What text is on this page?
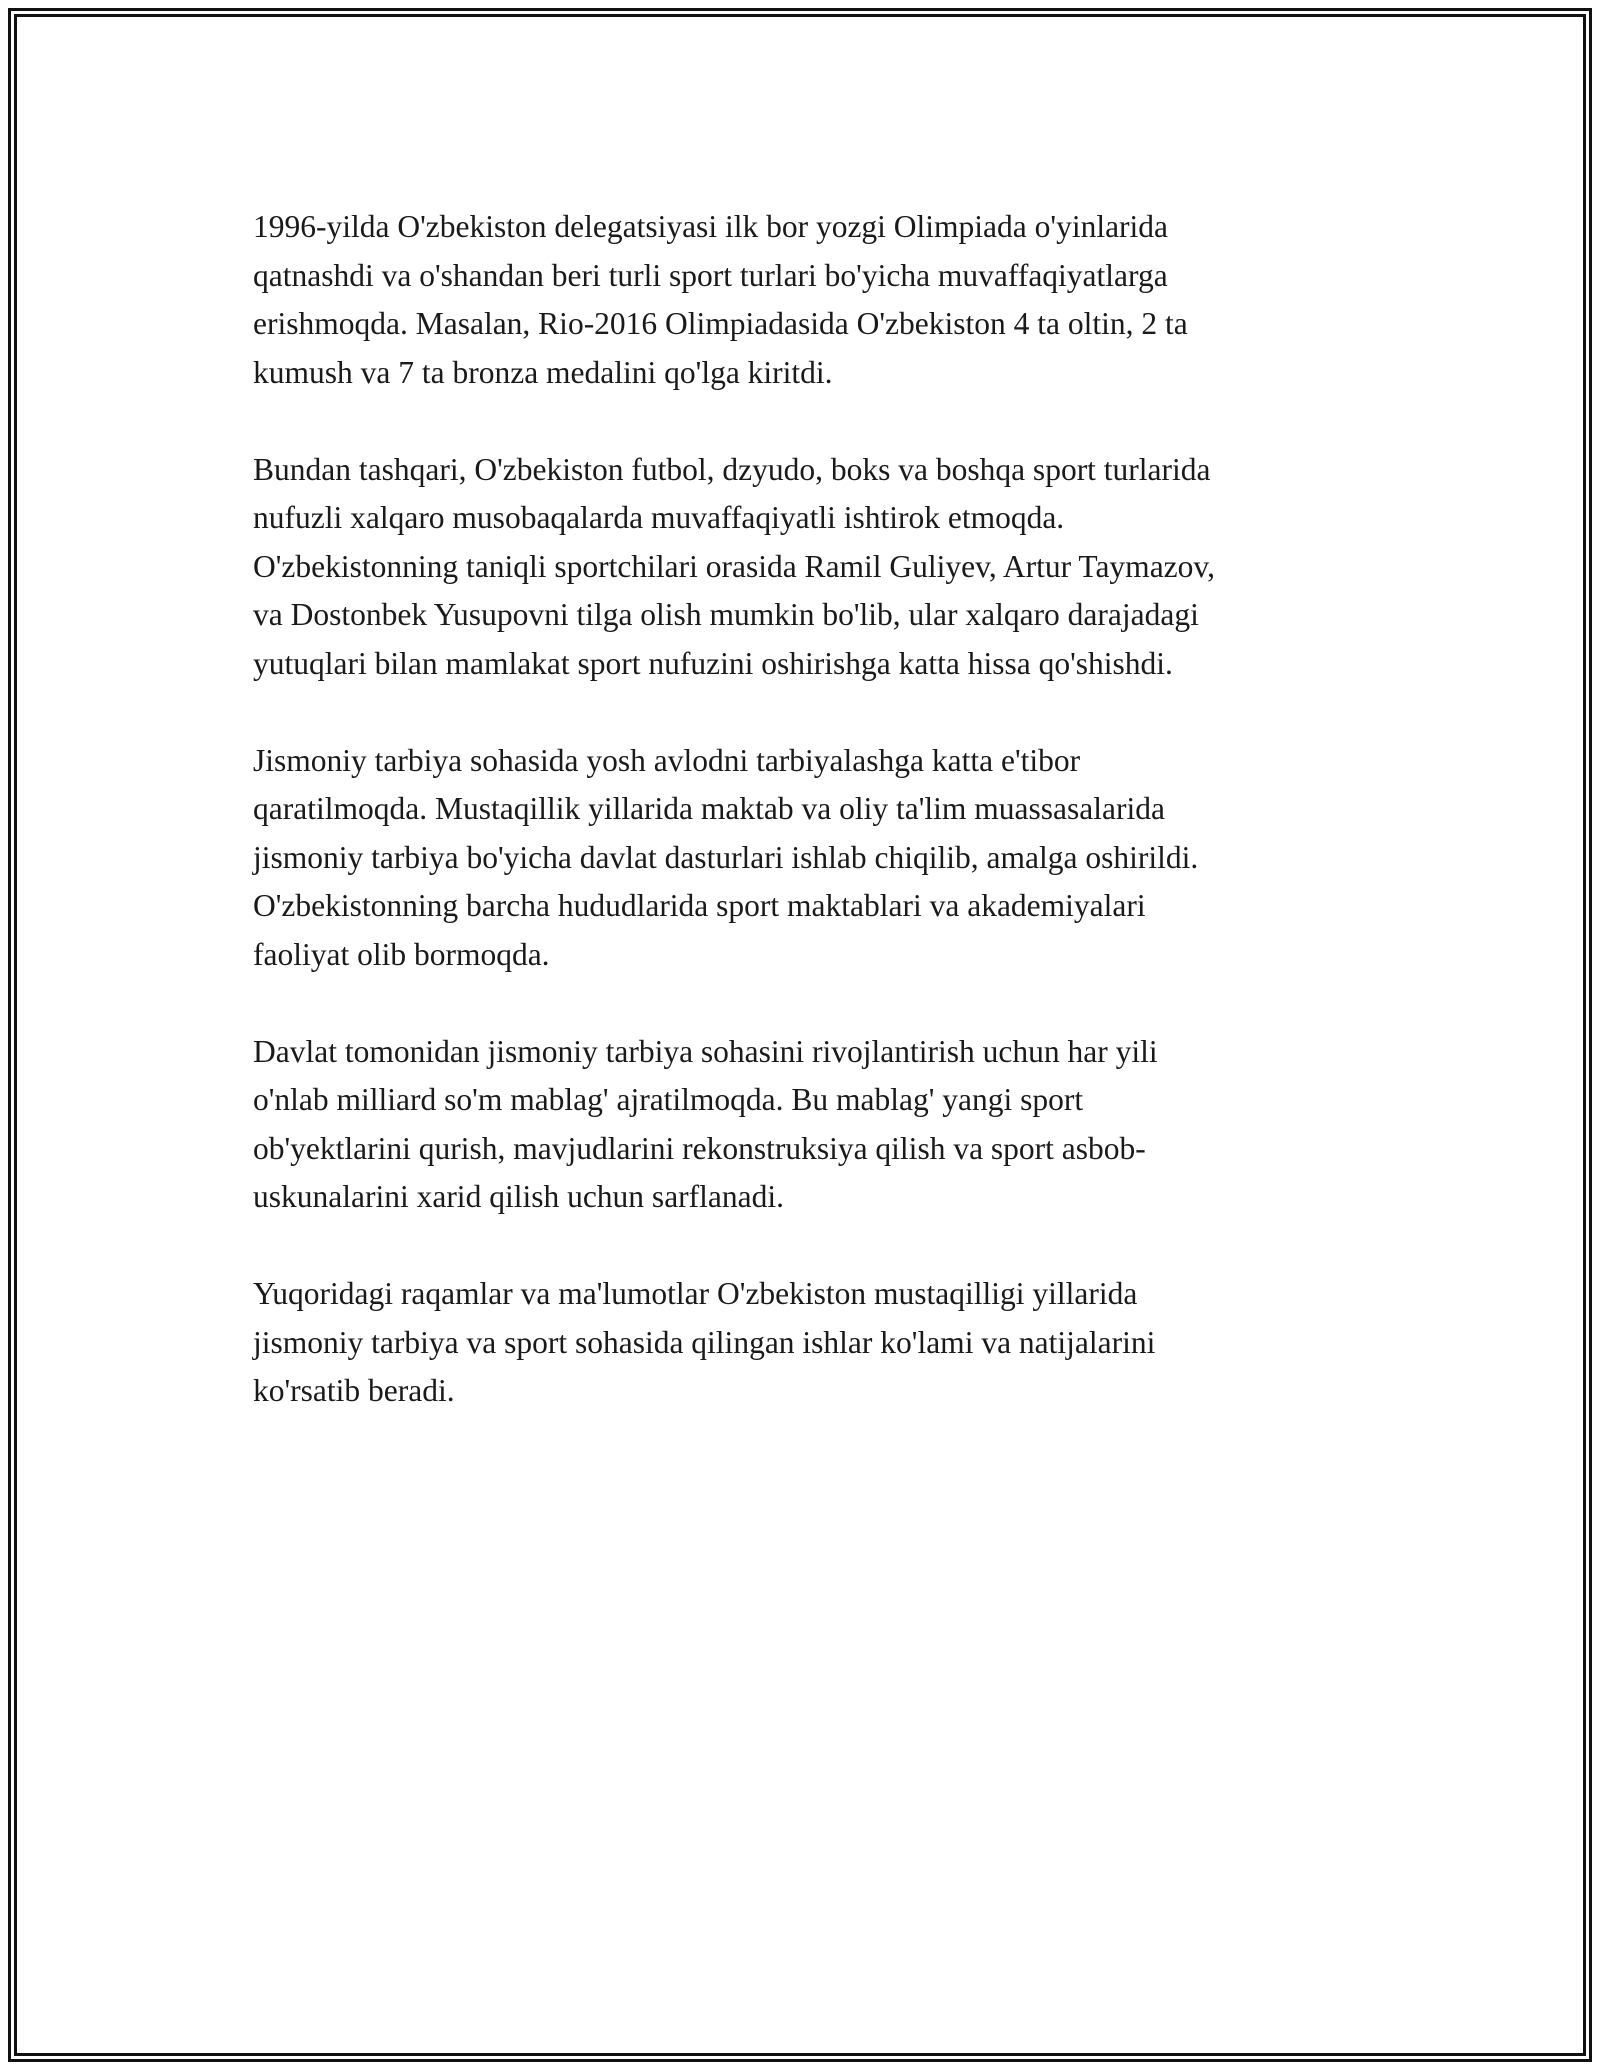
1996-yilda O'zbekiston delegatsiyasi ilk bor yozgi Olimpiada o'yinlarida
qatnashdi va o'shandan beri turli sport turlari bo'yicha muvaffaqiyatlarga
erishmoqda. Masalan, Rio-2016 Olimpiadasida O'zbekiston 4 ta oltin, 2 ta
kumush va 7 ta bronza medalini qo'lga kiritdi.

Bundan tashqari, O'zbekiston futbol, dzyudo, boks va boshqa sport turlarida
nufuzli xalqaro musobaqalarda muvaffaqiyatli ishtirok etmoqda.
O'zbekistonning taniqli sportchilari orasida Ramil Guliyev, Artur Taymazov,
va Dostonbek Yusupovni tilga olish mumkin bo'lib, ular xalqaro darajadagi
yutuqlari bilan mamlakat sport nufuzini oshirishga katta hissa qo'shishdi.

Jismoniy tarbiya sohasida yosh avlodni tarbiyalashga katta e'tibor
qaratilmoqda. Mustaqillik yillarida maktab va oliy ta'lim muassasalarida
jismoniy tarbiya bo'yicha davlat dasturlari ishlab chiqilib, amalga oshirildi.
O'zbekistonning barcha hududlarida sport maktablari va akademiyalari
faoliyat olib bormoqda.

Davlat tomonidan jismoniy tarbiya sohasini rivojlantirish uchun har yili
o'nlab milliard so'm mablag' ajratilmoqda. Bu mablag' yangi sport
ob'yektlarini qurish, mavjudlarini rekonstruksiya qilish va sport asbob-
uskunalarini xarid qilish uchun sarflanadi.

Yuqoridagi raqamlar va ma'lumotlar O'zbekiston mustaqilligi yillarida
jismoniy tarbiya va sport sohasida qilingan ishlar ko'lami va natijalarini
ko'rsatib beradi.
